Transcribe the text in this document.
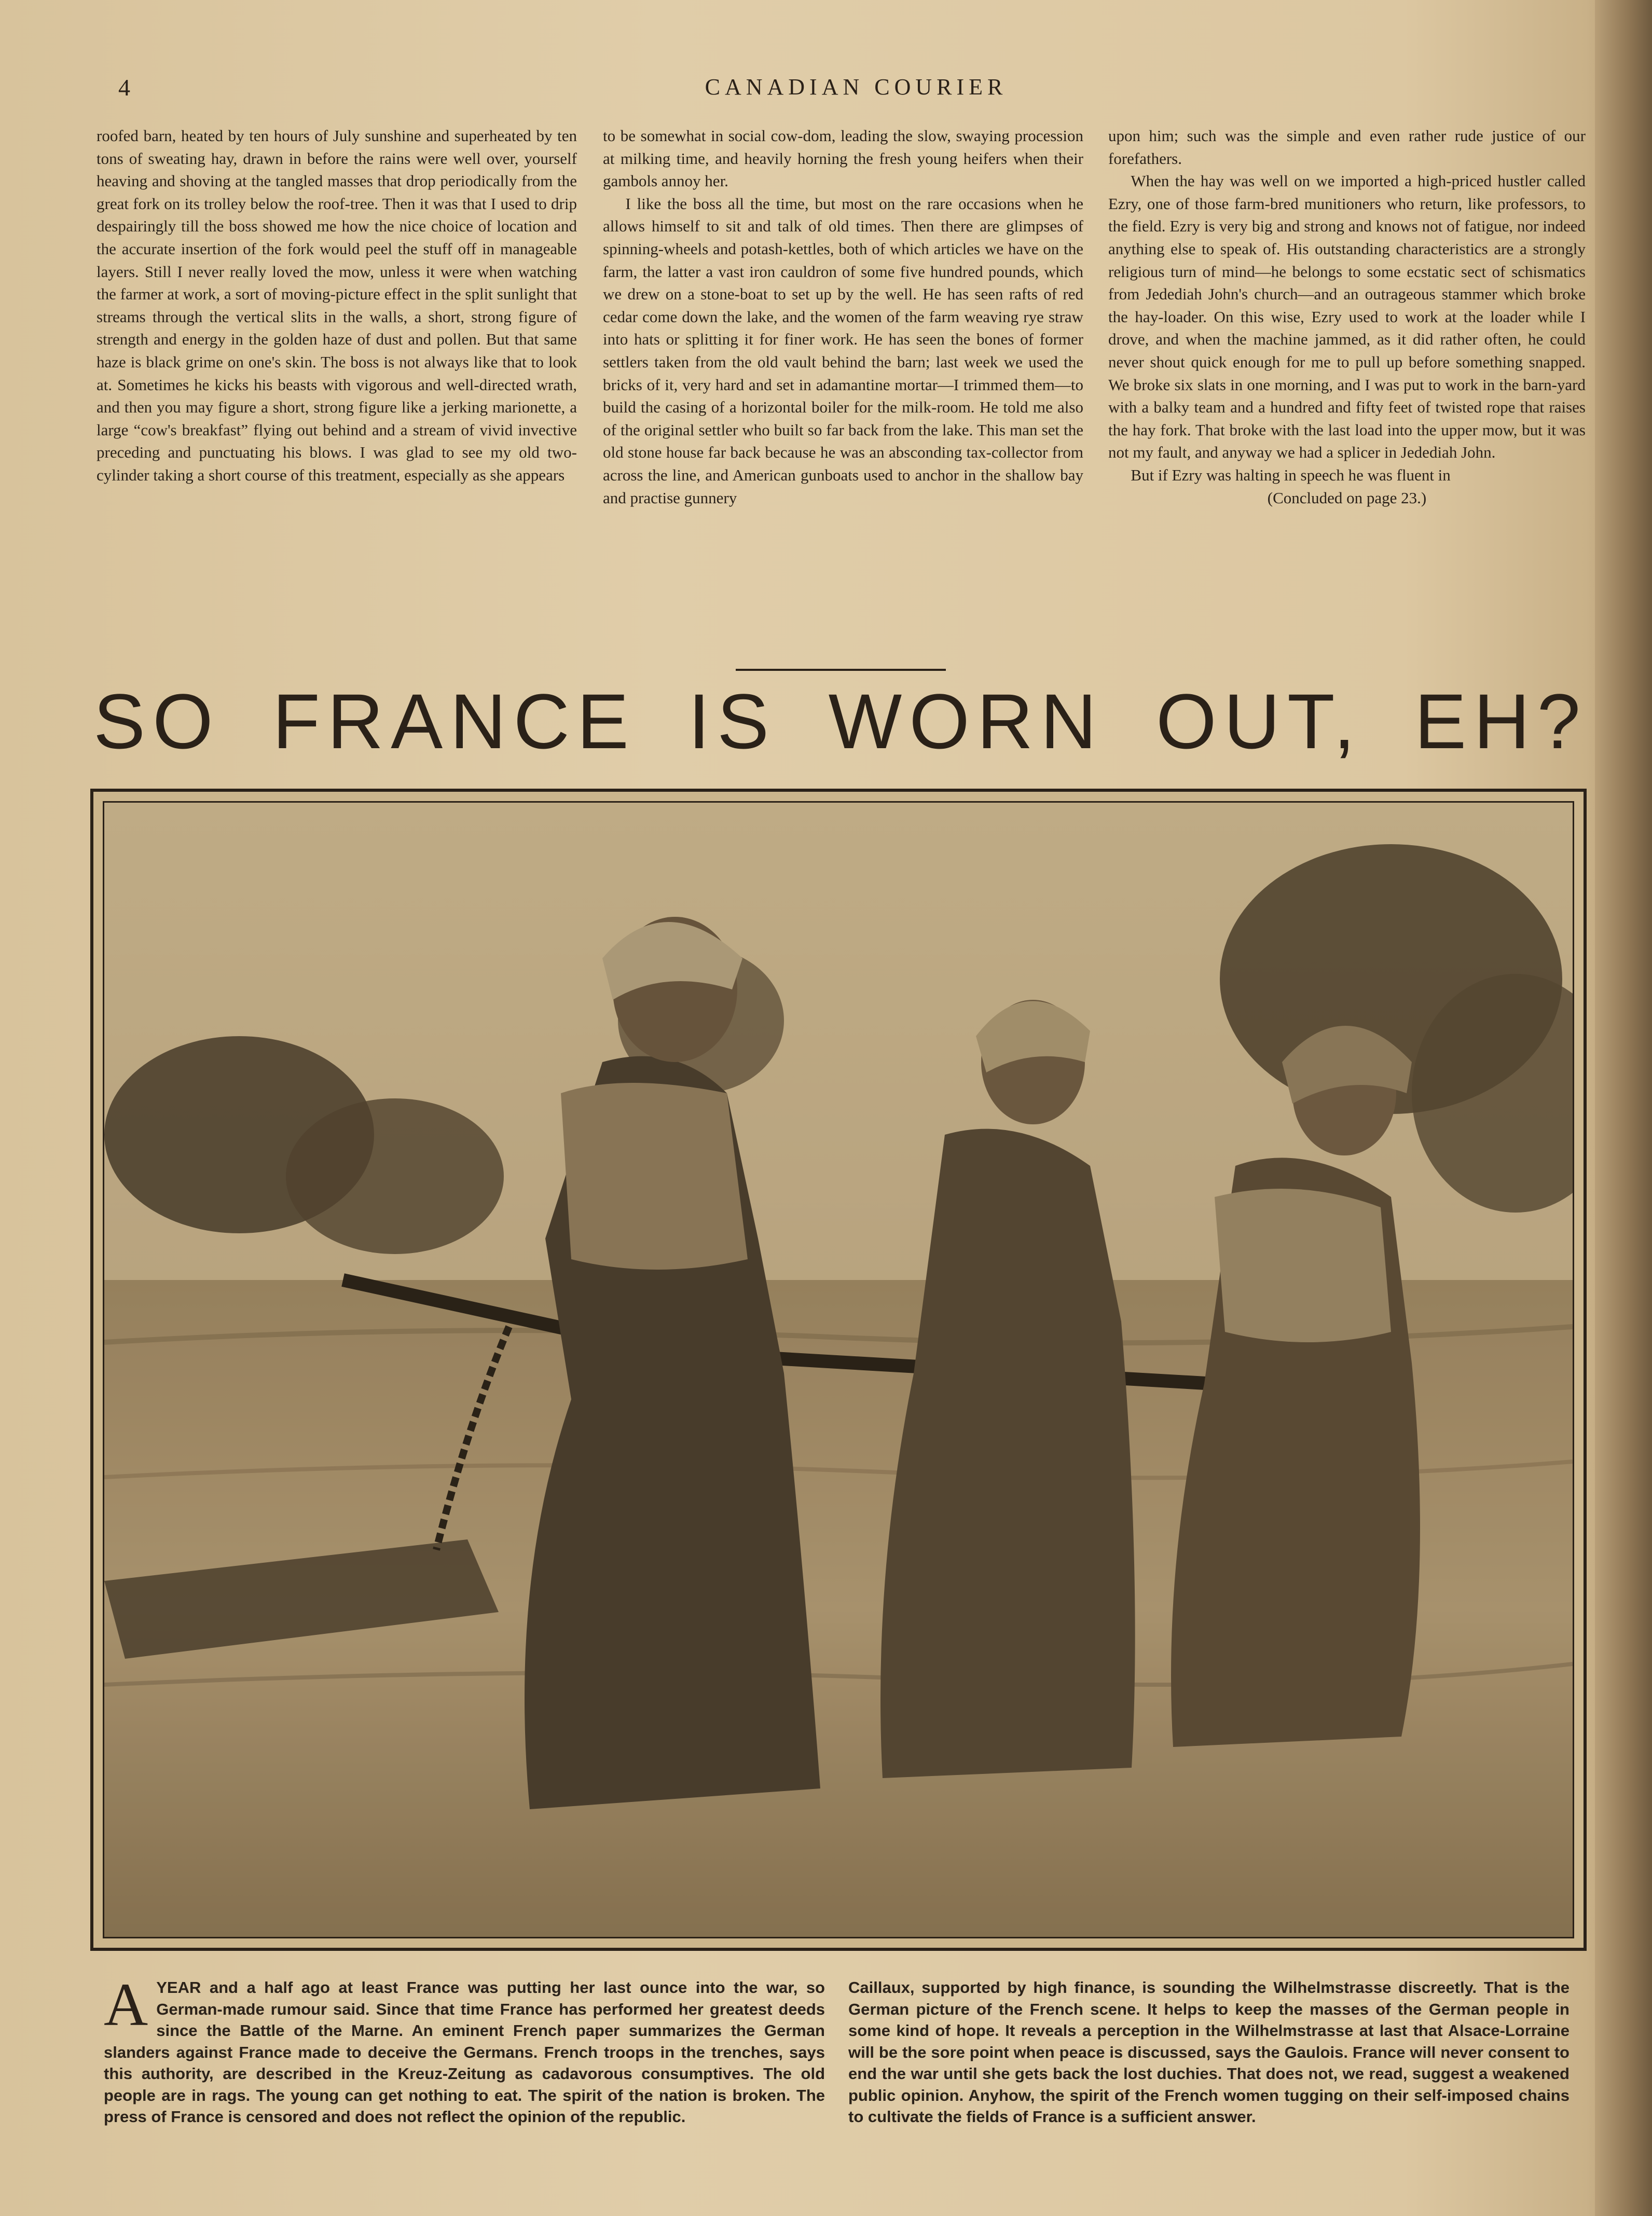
4	CANADIAN COURIER

roofed barn, heated by ten hours of July sunshine and superheated by ten tons of sweating hay, drawn in before the rains were well over, yourself heaving and shoving at the tangled masses that drop periodically from the great fork on its trolley below the roof-tree. Then it was that I used to drip despairingly till the boss showed me how the nice choice of location and the accurate insertion of the fork would peel the stuff off in manageable layers. Still I never really loved the mow, unless it were when watching the farmer at work, a sort of moving-picture effect in the split sunlight that streams through the vertical slits in the walls, a short, strong figure of strength and energy in the golden haze of dust and pollen. But that same haze is black grime on one's skin. The boss is not always like that to look at. Sometimes he kicks his beasts with vigorous and well-directed wrath, and then you may figure a short, strong figure like a jerking marionette, a large “cow's breakfast” flying out behind and a stream of vivid invective preceding and punctuating his blows. I was glad to see my old two-cylinder taking a short course of this treatment, especially as she appears

to be somewhat in social cow-dom, leading the slow, swaying procession at milking time, and heavily horning the fresh young heifers when their gambols annoy her.

I like the boss all the time, but most on the rare occasions when he allows himself to sit and talk of old times. Then there are glimpses of spinning-wheels and potash-kettles, both of which articles we have on the farm, the latter a vast iron cauldron of some five hundred pounds, which we drew on a stone-boat to set up by the well. He has seen rafts of red cedar come down the lake, and the women of the farm weaving rye straw into hats or splitting it for finer work. He has seen the bones of former settlers taken from the old vault behind the barn; last week we used the bricks of it, very hard and set in adamantine mortar—I trimmed them—to build the casing of a horizontal boiler for the milk-room. He told me also of the original settler who built so far back from the lake. This man set the old stone house far back because he was an absconding tax-collector from across the line, and American gunboats used to anchor in the shallow bay and practise gunnery

upon him; such was the simple and even rather rude justice of our forefathers.

When the hay was well on we imported a high-priced hustler called Ezry, one of those farm-bred munitioners who return, like professors, to the field. Ezry is very big and strong and knows not of fatigue, nor indeed anything else to speak of. His outstanding characteristics are a strongly religious turn of mind—he belongs to some ecstatic sect of schismatics from Jedediah John's church—and an outrageous stammer which broke the hay-loader. On this wise, Ezry used to work at the loader while I drove, and when the machine jammed, as it did rather often, he could never shout quick enough for me to pull up before something snapped. We broke six slats in one morning, and I was put to work in the barn-yard with a balky team and a hundred and fifty feet of twisted rope that raises the hay fork. That broke with the last load into the upper mow, but it was not my fault, and anyway we had a splicer in Jedediah John.

But if Ezry was halting in speech he was fluent in

(Concluded on page 23.)

SO FRANCE IS WORN OUT, EH?
A YEAR and a half ago at least France was putting her last ounce into the war, so German-made rumour said. Since that time France has performed her greatest deeds since the Battle of the Marne. An eminent French paper summarizes the German slanders against France made to deceive the Germans. French troops in the trenches, says this authority, are described in the Kreuz-Zeitung as cadavorous consumptives. The old people are in rags. The young can get nothing to eat. The spirit of the nation is broken. The press of France is censored and does not reflect the opinion of the republic.

Caillaux, supported by high finance, is sounding the Wilhelmstrasse discreetly. That is the German picture of the French scene. It helps to keep the masses of the German people in some kind of hope. It reveals a perception in the Wilhelmstrasse at last that Alsace-Lorraine will be the sore point when peace is discussed, says the Gaulois. France will never consent to end the war until she gets back the lost duchies. That does not, we read, suggest a weakened public opinion. Anyhow, the spirit of the French women tugging on their self-imposed chains to cultivate the fields of France is a sufficient answer.
